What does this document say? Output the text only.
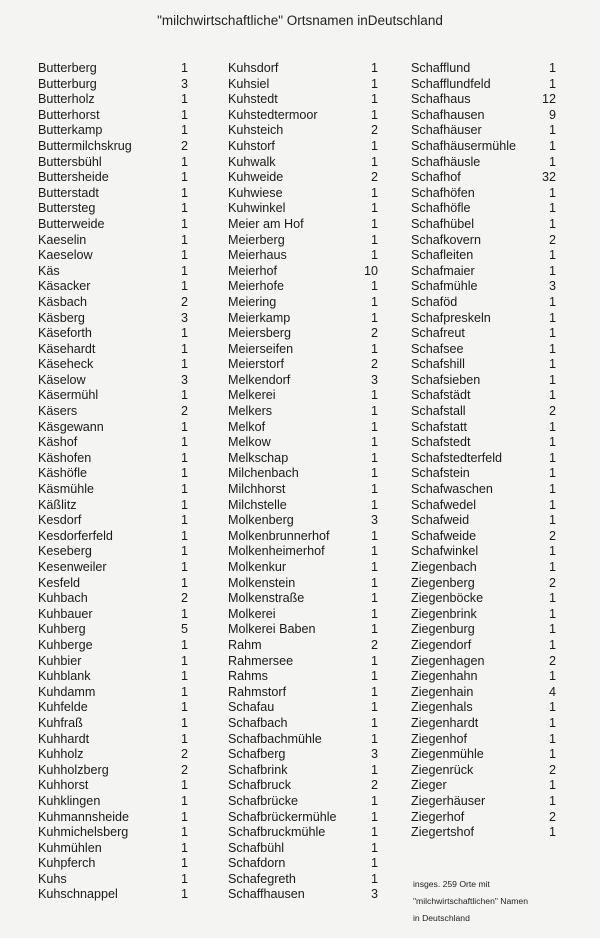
"milchwirtschaftliche" Ortsnamen inDeutschland
Butterberg	1
Butterburg	3
Butterholz	1
Butterhorst	1
Butterkamp	1
Buttermilchskrug	2
Buttersbühl	1
Buttersheide	1
Butterstadt	1
Buttersteg	1
Butterweide	1
Kaeselin	1
Kaeselow	1
Käs	1
Käsacker	1
Käsbach	2
Käsberg	3
Käseforth	1
Käsehardt	1
Käseheck	1
Käselow	3
Käsermühl	1
Käsers	2
Käsgewann	1
Käshof	1
Käshofen	1
Käshöfle	1
Käsmühle	1
Käßlitz	1
Kesdorf	1
Kesdorferfeld	1
Keseberg	1
Kesenweiler	1
Kesfeld	1
Kuhbach	2
Kuhbauer	1
Kuhberg	5
Kuhberge	1
Kuhbier	1
Kuhblank	1
Kuhdamm	1
Kuhfelde	1
Kuhfraß	1
Kuhhardt	1
Kuhholz	2
Kuhholzberg	2
Kuhhorst	1
Kuhklingen	1
Kuhmannsheide	1
Kuhmichelsberg	1
Kuhmühlen	1
Kuhpferch	1
Kuhs	1
Kuhschnappel	1
Kuhsdorf	1
Kuhsiel	1
Kuhstedt	1
Kuhstedtermoor	1
Kuhsteich	2
Kuhstorf	1
Kuhwalk	1
Kuhweide	2
Kuhwiese	1
Kuhwinkel	1
Meier am Hof	1
Meierberg	1
Meierhaus	1
Meierhof	10
Meierhofe	1
Meiering	1
Meierkamp	1
Meiersberg	2
Meierseifen	1
Meierstorf	2
Melkendorf	3
Melkerei	1
Melkers	1
Melkof	1
Melkow	1
Melkschap	1
Milchenbach	1
Milchhorst	1
Milchstelle	1
Molkenberg	3
Molkenbrunnerhof	1
Molkenheimerhof	1
Molkenkur	1
Molkenstein	1
Molkenstraße	1
Molkerei	1
Molkerei Baben	1
Rahm	2
Rahmersee	1
Rahms	1
Rahmstorf	1
Schafau	1
Schafbach	1
Schafbachmühle	1
Schafberg	3
Schafbrink	1
Schafbruck	2
Schafbrücke	1
Schafbrückermühle	1
Schafbruckmühle	1
Schafbühl	1
Schafdorn	1
Schafegreth	1
Schaffhausen	3
Schafflund	1
Schafflundfeld	1
Schafhaus	12
Schafhausen	9
Schafhäuser	1
Schafhäusermühle	1
Schafhäusle	1
Schafhof	32
Schafhöfen	1
Schafhöfle	1
Schafhübel	1
Schafkovern	2
Schafleiten	1
Schafmaier	1
Schafmühle	3
Schaföd	1
Schafpreskeln	1
Schafreut	1
Schafsee	1
Schafshill	1
Schafsieben	1
Schafstädt	1
Schafstall	2
Schafstatt	1
Schafstedt	1
Schafstedterfeld	1
Schafstein	1
Schafwaschen	1
Schafwedel	1
Schafweid	1
Schafweide	2
Schafwinkel	1
Ziegenbach	1
Ziegenberg	2
Ziegenböcke	1
Ziegenbrink	1
Ziegenburg	1
Ziegendorf	1
Ziegenhagen	2
Ziegenhahn	1
Ziegenhain	4
Ziegenhals	1
Ziegenhardt	1
Ziegenhof	1
Ziegenmühle	1
Ziegenrück	2
Zieger	1
Ziegerhäuser	1
Ziegerhof	2
Ziegertshof	1
insges. 259 Orte mit
"milchwirtschaftlichen" Namen
in Deutschland
